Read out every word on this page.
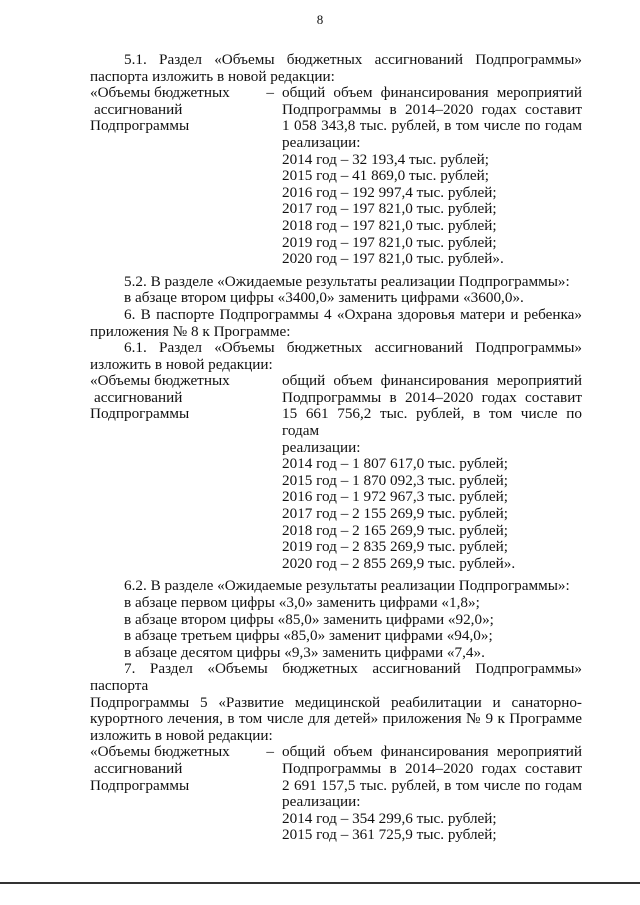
8
5.1. Раздел «Объемы бюджетных ассигнований Подпрограммы»
паспорта изложить в новой редакции:
«Объемы бюджетных –
ассигнований
Подпрограммы
общий объем финансирования мероприятий
Подпрограммы в 2014–2020 годах составит
1 058 343,8 тыс. рублей, в том числе по годам
реализации:
2014 год – 32 193,4 тыс. рублей;
2015 год – 41 869,0 тыс. рублей;
2016 год – 192 997,4 тыс. рублей;
2017 год – 197 821,0 тыс. рублей;
2018 год – 197 821,0 тыс. рублей;
2019 год – 197 821,0 тыс. рублей;
2020 год – 197 821,0 тыс. рублей».
5.2. В разделе «Ожидаемые результаты реализации Подпрограммы»:
в абзаце втором цифры «3400,0» заменить цифрами «3600,0».
6. В паспорте Подпрограммы 4 «Охрана здоровья матери и ребенка»
приложения № 8 к Программе:
6.1. Раздел «Объемы бюджетных ассигнований Подпрограммы»
изложить в новой редакции:
«Объемы бюджетных
ассигнований
Подпрограммы
общий объем финансирования мероприятий
Подпрограммы в 2014–2020 годах составит
15 661 756,2 тыс. рублей, в том числе по годам
реализации:
2014 год – 1 807 617,0 тыс. рублей;
2015 год – 1 870 092,3 тыс. рублей;
2016 год – 1 972 967,3 тыс. рублей;
2017 год – 2 155 269,9 тыс. рублей;
2018 год – 2 165 269,9 тыс. рублей;
2019 год – 2 835 269,9 тыс. рублей;
2020 год – 2 855 269,9 тыс. рублей».
6.2. В разделе «Ожидаемые результаты реализации Подпрограммы»:
в абзаце первом цифры «3,0» заменить цифрами «1,8»;
в абзаце втором цифры «85,0» заменить цифрами «92,0»;
в абзаце третьем цифры «85,0» заменит цифрами «94,0»;
в абзаце десятом цифры «9,3» заменить цифрами «7,4».
7. Раздел «Объемы бюджетных ассигнований Подпрограммы» паспорта
Подпрограммы 5 «Развитие медицинской реабилитации и санаторно-
курортного лечения, в том числе для детей» приложения № 9 к Программе
изложить в новой редакции:
«Объемы бюджетных –
ассигнований
Подпрограммы
общий объем финансирования мероприятий
Подпрограммы в 2014–2020 годах составит
2 691 157,5 тыс. рублей, в том числе по годам
реализации:
2014 год – 354 299,6 тыс. рублей;
2015 год – 361 725,9 тыс. рублей;
